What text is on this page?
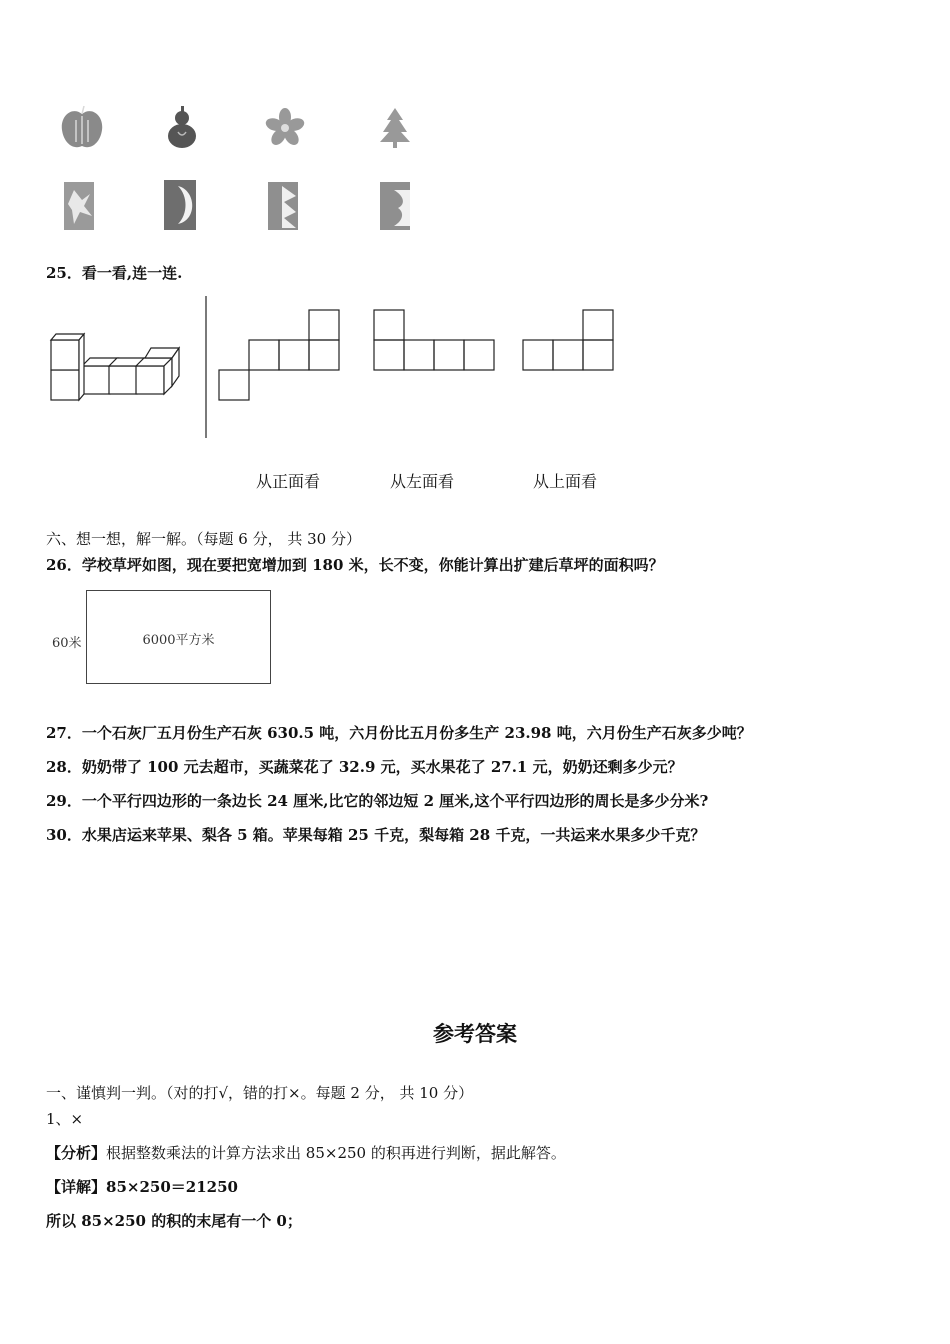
25．看一看,连一连.
从正面看	从左面看	从上面看
六、想一想，解一解。（每题 6 分， 共 30 分）
26．学校草坪如图，现在要把宽增加到 180 米，长不变，你能计算出扩建后草坪的面积吗？
60米	6000平方米
27．一个石灰厂五月份生产石灰 630.5 吨，六月份比五月份多生产 23.98 吨，六月份生产石灰多少吨？
28．奶奶带了 100 元去超市，买蔬菜花了 32.9 元，买水果花了 27.1 元，奶奶还剩多少元？
29．一个平行四边形的一条边长 24 厘米,比它的邻边短 2 厘米,这个平行四边形的周长是多少分米?
30．水果店运来苹果、梨各 5 箱。苹果每箱 25 千克，梨每箱 28 千克，一共运来水果多少千克？
参考答案
一、谨慎判一判。（对的打√，错的打×。每题 2 分， 共 10 分）
1、×
【分析】根据整数乘法的计算方法求出 85×250 的积再进行判断，据此解答。
【详解】85×250＝21250
所以 85×250 的积的末尾有一个 0；
